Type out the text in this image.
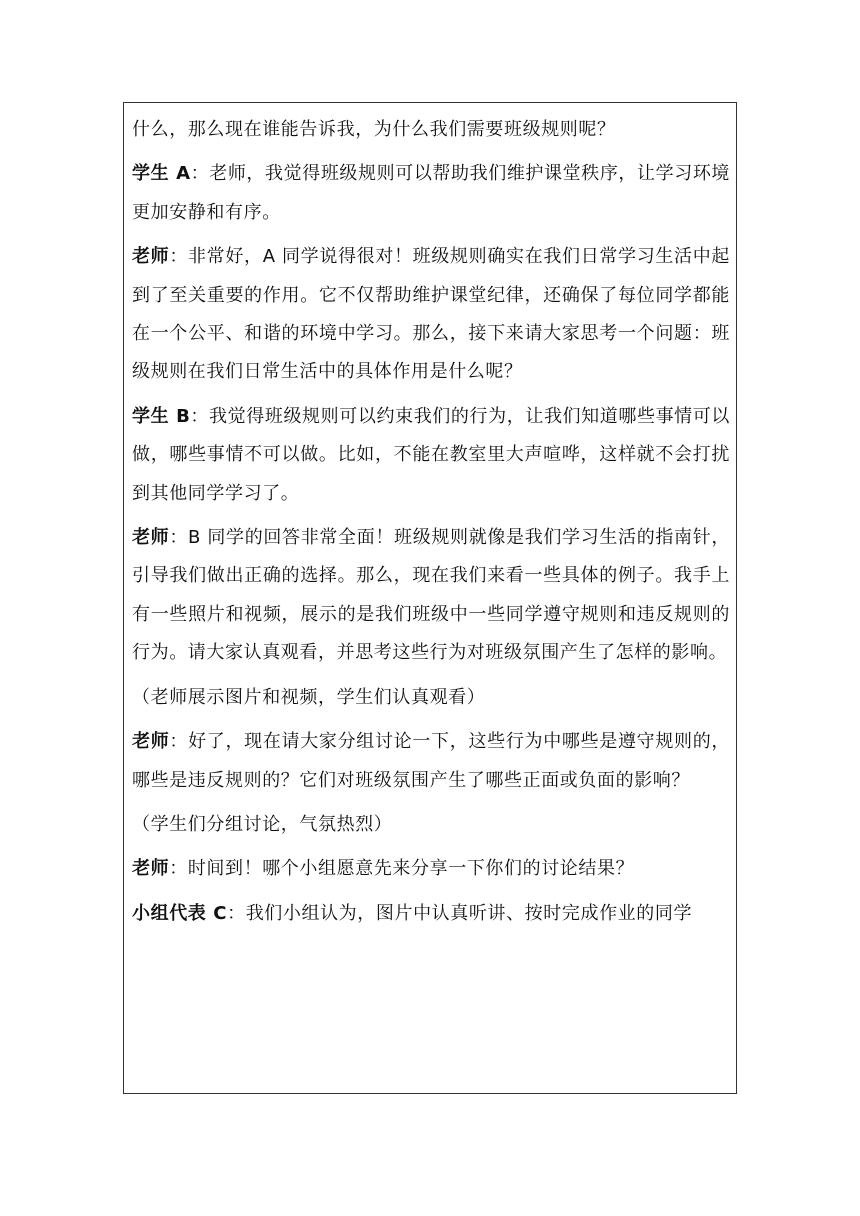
什么，那么现在谁能告诉我，为什么我们需要班级规则呢？

学生 A：老师，我觉得班级规则可以帮助我们维护课堂秩序，让学习环境更加安静和有序。

老师：非常好，A 同学说得很对！班级规则确实在我们日常学习生活中起到了至关重要的作用。它不仅帮助维护课堂纪律，还确保了每位同学都能在一个公平、和谐的环境中学习。那么，接下来请大家思考一个问题：班级规则在我们日常生活中的具体作用是什么呢？

学生 B：我觉得班级规则可以约束我们的行为，让我们知道哪些事情可以做，哪些事情不可以做。比如，不能在教室里大声喧哗，这样就不会打扰到其他同学学习了。

老师：B 同学的回答非常全面！班级规则就像是我们学习生活的指南针，引导我们做出正确的选择。那么，现在我们来看一些具体的例子。我手上有一些照片和视频，展示的是我们班级中一些同学遵守规则和违反规则的行为。请大家认真观看，并思考这些行为对班级氛围产生了怎样的影响。

（老师展示图片和视频，学生们认真观看）

老师：好了，现在请大家分组讨论一下，这些行为中哪些是遵守规则的，哪些是违反规则的？它们对班级氛围产生了哪些正面或负面的影响？

（学生们分组讨论，气氛热烈）

老师：时间到！哪个小组愿意先来分享一下你们的讨论结果？

小组代表 C：我们小组认为，图片中认真听讲、按时完成作业的同学
